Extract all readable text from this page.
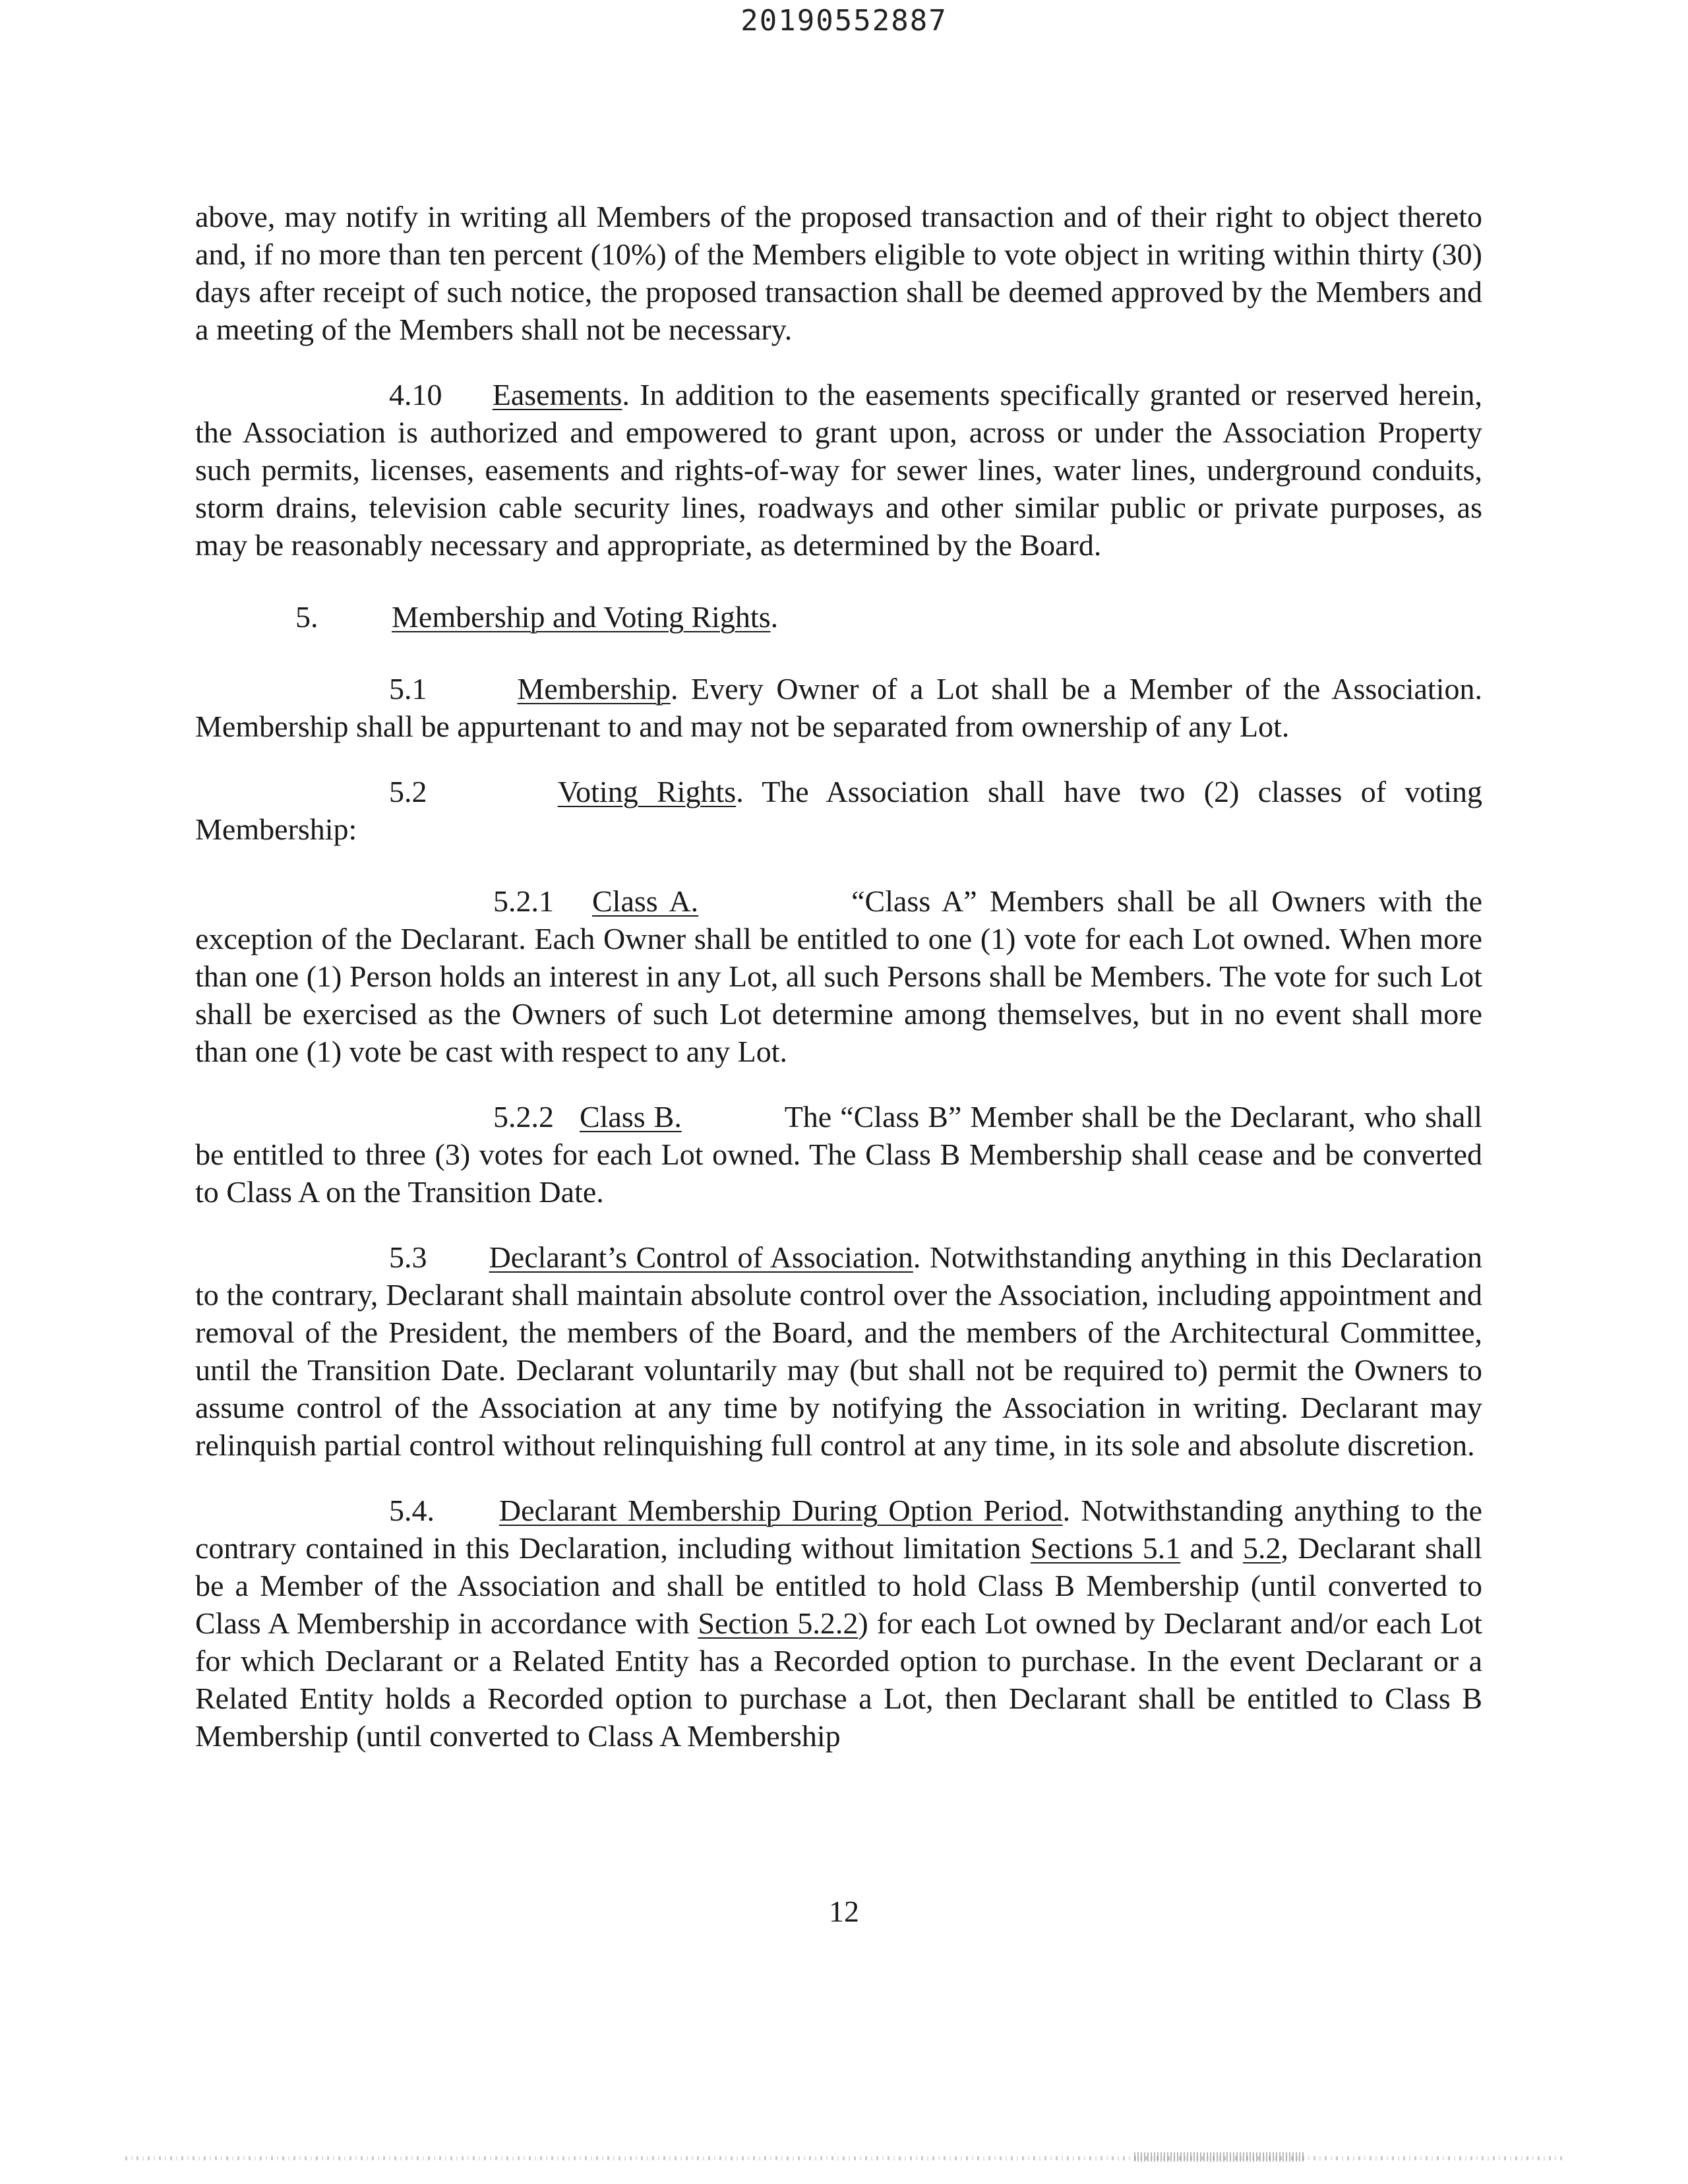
20190552887

above, may notify in writing all Members of the proposed transaction and of their right to object thereto and, if no more than ten percent (10%) of the Members eligible to vote object in writing within thirty (30) days after receipt of such notice, the proposed transaction shall be deemed approved by the Members and a meeting of the Members shall not be necessary.

4.10 Easements. In addition to the easements specifically granted or reserved herein, the Association is authorized and empowered to grant upon, across or under the Association Property such permits, licenses, easements and rights-of-way for sewer lines, water lines, underground conduits, storm drains, television cable security lines, roadways and other similar public or private purposes, as may be reasonably necessary and appropriate, as determined by the Board.

5. Membership and Voting Rights.

5.1	Membership. Every Owner of a Lot shall be a Member of the Association. Membership shall be appurtenant to and may not be separated from ownership of any Lot.

5.2	Voting Rights. The Association shall have two (2) classes of voting

Membership:

5.2.1 Class A.	“Class A” Members shall be all Owners with the exception of the Declarant. Each Owner shall be entitled to one (1) vote for each Lot owned. When more than one (1) Person holds an interest in any Lot, all such Persons shall be Members. The vote for such Lot shall be exercised as the Owners of such Lot determine among themselves, but in no event shall more than one (1) vote be cast with respect to any Lot.

5.2.2 Class B.	The “Class B” Member shall be the Declarant, who shall be entitled to three (3) votes for each Lot owned. The Class B Membership shall cease and be converted to Class A on the Transition Date.

5.3 Declarant’s Control of Association. Notwithstanding anything in this Declaration to the contrary, Declarant shall maintain absolute control over the Association, including appointment and removal of the President, the members of the Board, and the members of the Architectural Committee, until the Transition Date. Declarant voluntarily may (but shall not be required to) permit the Owners to assume control of the Association at any time by notifying the Association in writing. Declarant may relinquish partial control without relinquishing full control at any time, in its sole and absolute discretion.

5.4. Declarant Membership During Option Period. Notwithstanding anything to the contrary contained in this Declaration, including without limitation Sections 5.1 and 5.2, Declarant shall be a Member of the Association and shall be entitled to hold Class B Membership (until converted to Class A Membership in accordance with Section 5.2.2) for each Lot owned by Declarant and/or each Lot for which Declarant or a Related Entity has a Recorded option to purchase. In the event Declarant or a Related Entity holds a Recorded option to purchase a Lot, then Declarant shall be entitled to Class B Membership (until converted to Class A Membership

12
